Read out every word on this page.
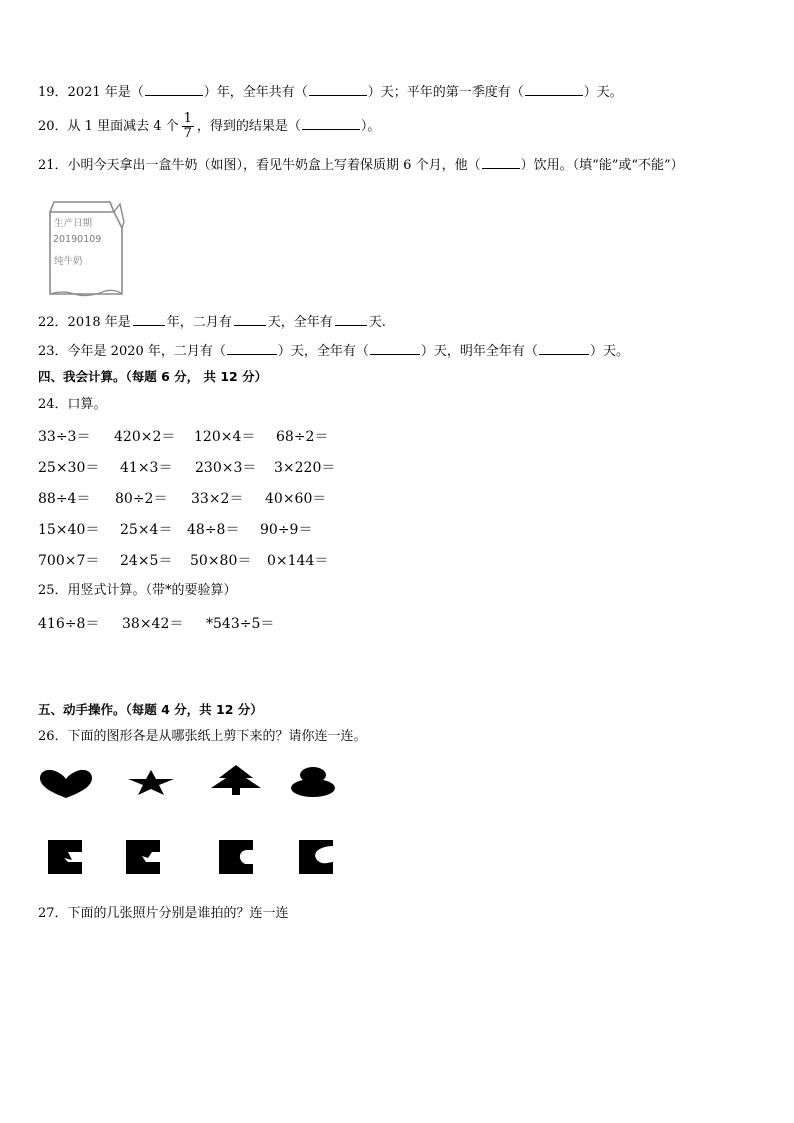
19．2021 年是（	）年，全年共有（	）天；平年的第一季度有（	）天。
20．从 1 里面减去 4 个 $\frac{1}{7}$ ，得到的结果是（	）。
21．小明今天拿出一盒牛奶（如图），看见牛奶盒上写着保质期 6 个月，他（	）饮用。（填“能”或“不能”）
生产日期
20190109
纯牛奶
22．2018 年是	年，二月有	天，全年有	天.
23．今年是 2020 年，二月有（	）天，全年有（	）天，明年全年有（	）天。
四、我会计算。（每题 6 分， 共 12 分）
24．口算。
33÷3＝ 420×2＝ 120×4＝ 68÷2＝
25×30＝ 41×3＝ 230×3＝ 3×220＝
88÷4＝ 80÷2＝ 33×2＝ 40×60＝
15×40＝ 25×4＝ 48÷8＝ 90÷9＝
700×7＝ 24×5＝ 50×80＝ 0×144＝
25．用竖式计算。（带*的要验算）
416÷8＝ 38×42＝ *543÷5＝
五、动手操作。（每题 4 分，共 12 分）
26．下面的图形各是从哪张纸上剪下来的？请你连一连。
27．下面的几张照片分别是谁拍的？连一连
